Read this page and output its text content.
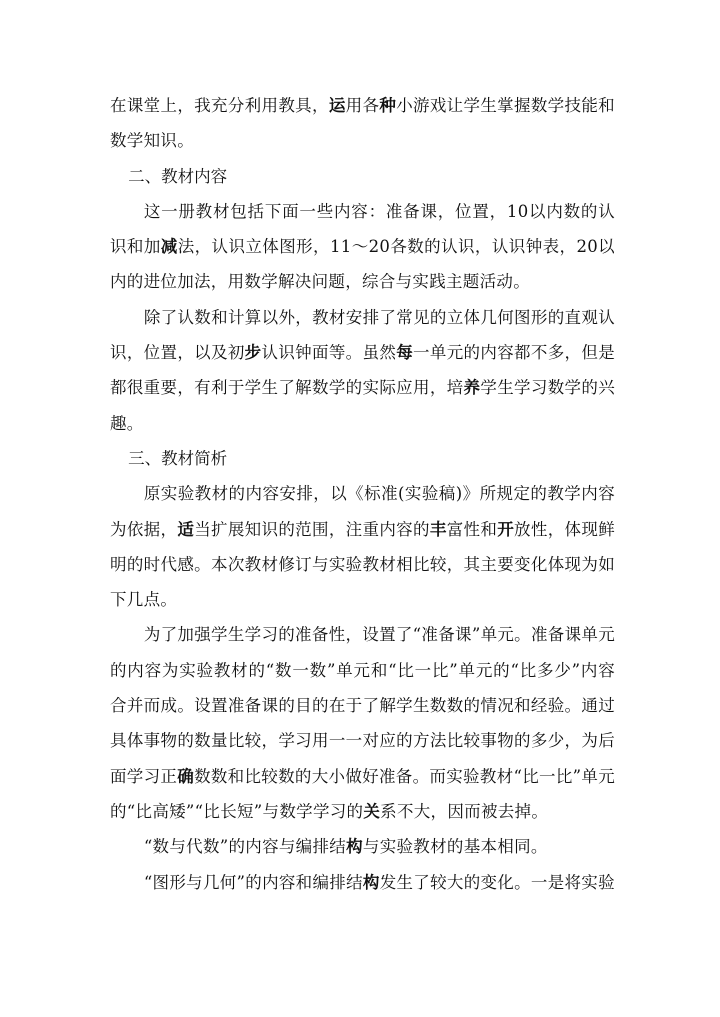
在课堂上，我充分利用教具，运用各种小游戏让学生掌握数学技能和数学知识。

二、教材内容

这一册教材包括下面一些内容：准备课，位置，10以内数的认识和加减法，认识立体图形，11～20各数的认识，认识钟表，20以内的进位加法，用数学解决问题，综合与实践主题活动。

除了认数和计算以外，教材安排了常见的立体几何图形的直观认识，位置，以及初步认识钟面等。虽然每一单元的内容都不多，但是都很重要，有利于学生了解数学的实际应用，培养学生学习数学的兴趣。

三、教材简析

原实验教材的内容安排，以《标准(实验稿)》所规定的教学内容为依据，适当扩展知识的范围，注重内容的丰富性和开放性，体现鲜明的时代感。本次教材修订与实验教材相比较，其主要变化体现为如下几点。

为了加强学生学习的准备性，设置了“准备课”单元。准备课单元的内容为实验教材的“数一数”单元和“比一比”单元的“比多少”内容合并而成。设置准备课的目的在于了解学生数数的情况和经验。通过具体事物的数量比较，学习用一一对应的方法比较事物的多少，为后面学习正确数数和比较数的大小做好准备。而实验教材“比一比”单元的“比高矮”“比长短”与数学学习的关系不大，因而被去掉。

“数与代数”的内容与编排结构与实验教材的基本相同。

“图形与几何”的内容和编排结构发生了较大的变化。一是将实验
